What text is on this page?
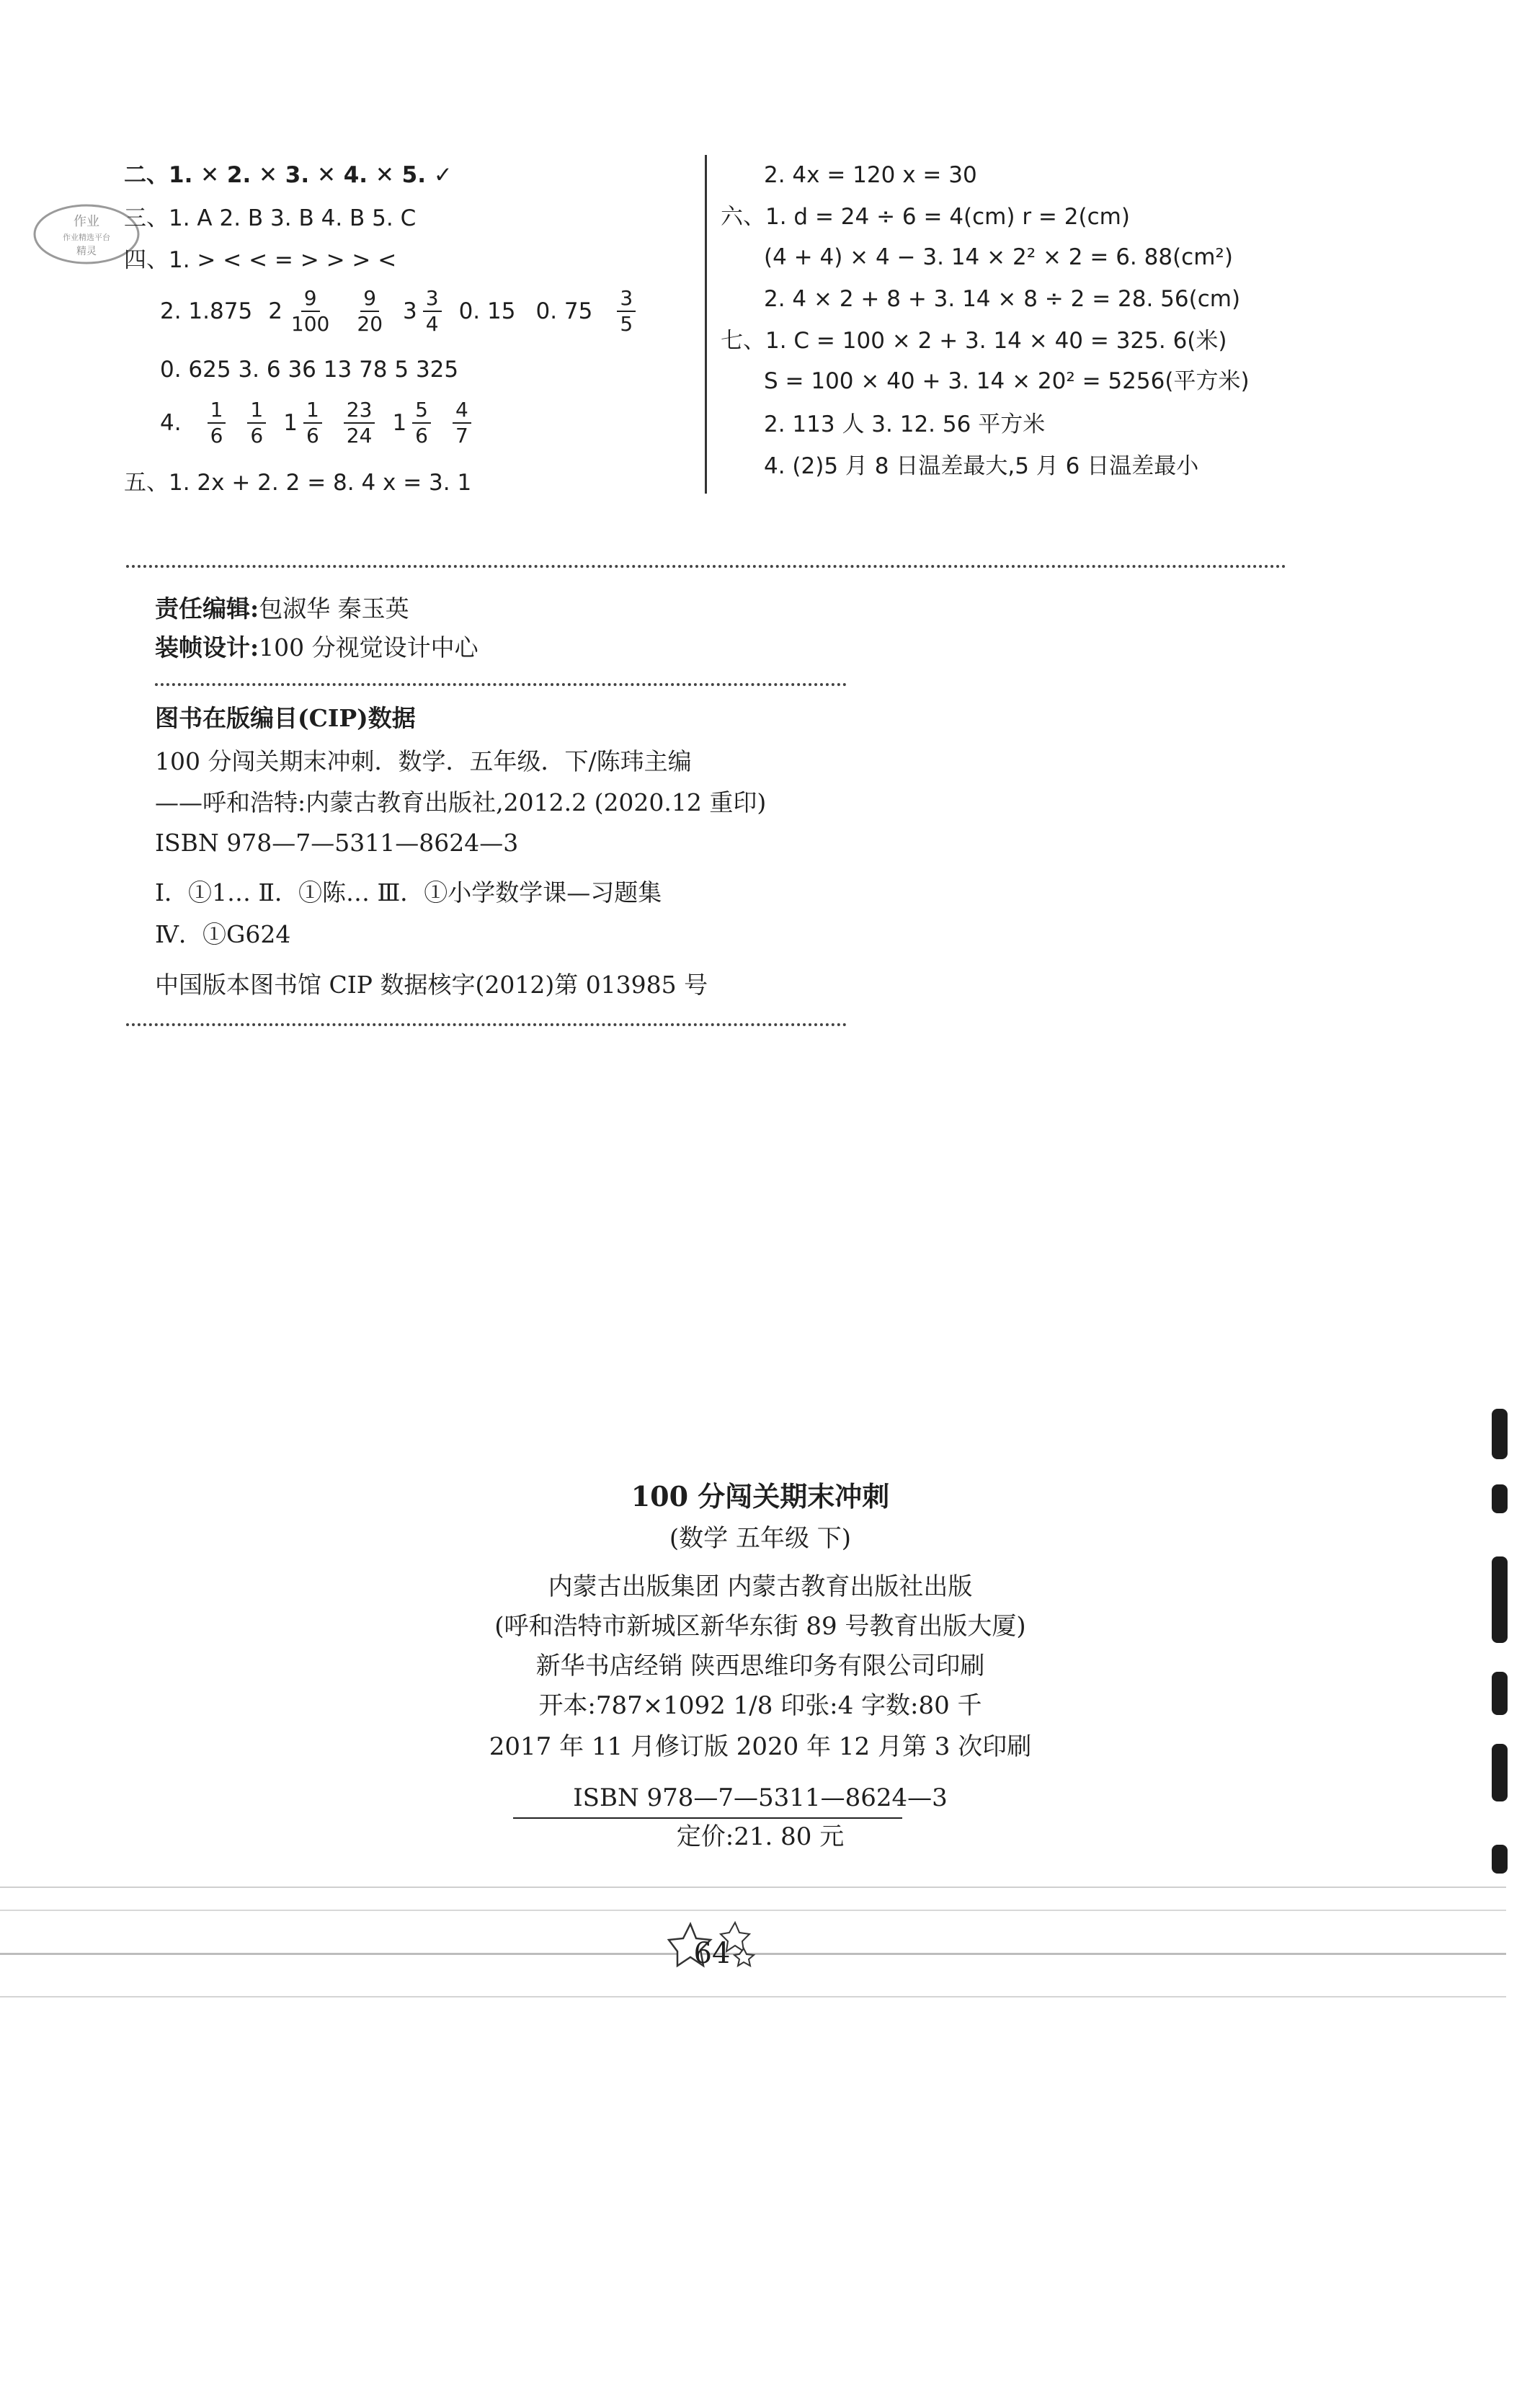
作业
作业精选平台
精灵
二、1. ✕ 2. ✕ 3. ✕ 4. ✕ 5. ✓
三、1. A 2. B 3. B 4. B 5. C
四、1. > < < = > > > <
2. 1.875 $2 \frac{9}{100} \frac{9}{20} 3 \frac{3}{4} 0$. 15 0. $75 \frac{3}{5}$
0. 625 3. 6 36 13 78 5 325
4. $\frac{1}{6} \frac{1}{6} 1 \frac{1}{6} \frac{23}{24} 1 \frac{5}{6} \frac{4}{7}$
五、1. 2x + 2. 2 = 8. 4 x = 3. 1
2. 4x = 120 x = 30
六、1. d = 24 ÷ 6 = 4(cm) r = 2(cm)
(4 + 4) × 4 − 3. 14 × 2² × 2 = 6. 88(cm²)
2. 4 × 2 + 8 + 3. 14 × 8 ÷ 2 = 28. 56(cm)
七、1. C = 100 × 2 + 3. 14 × 40 = 325. 6(米)
S = 100 × 40 + 3. 14 × 20² = 5256(平方米)
2. 113 人 3. 12. 56 平方米
4. (2)5 月 8 日温差最大,5 月 6 日温差最小
责任编辑:包淑华 秦玉英
装帧设计:100 分视觉设计中心
图书在版编目(CIP)数据
100 分闯关期末冲刺．数学．五年级．下/陈玮主编
——呼和浩特:内蒙古教育出版社,2012.2 (2020.12 重印)
ISBN 978—7—5311—8624—3
Ⅰ．①1… Ⅱ．①陈… Ⅲ．①小学数学课—习题集
Ⅳ．①G624
中国版本图书馆 CIP 数据核字(2012)第 013985 号
100 分闯关期末冲刺
(数学 五年级 下)
内蒙古出版集团 内蒙古教育出版社出版
(呼和浩特市新城区新华东街 89 号教育出版大厦)
新华书店经销 陕西思维印务有限公司印刷
开本:787×1092 1/8 印张:4 字数:80 千
2017 年 11 月修订版 2020 年 12 月第 3 次印刷
ISBN 978—7—5311—8624—3
定价:21. 80 元
64
